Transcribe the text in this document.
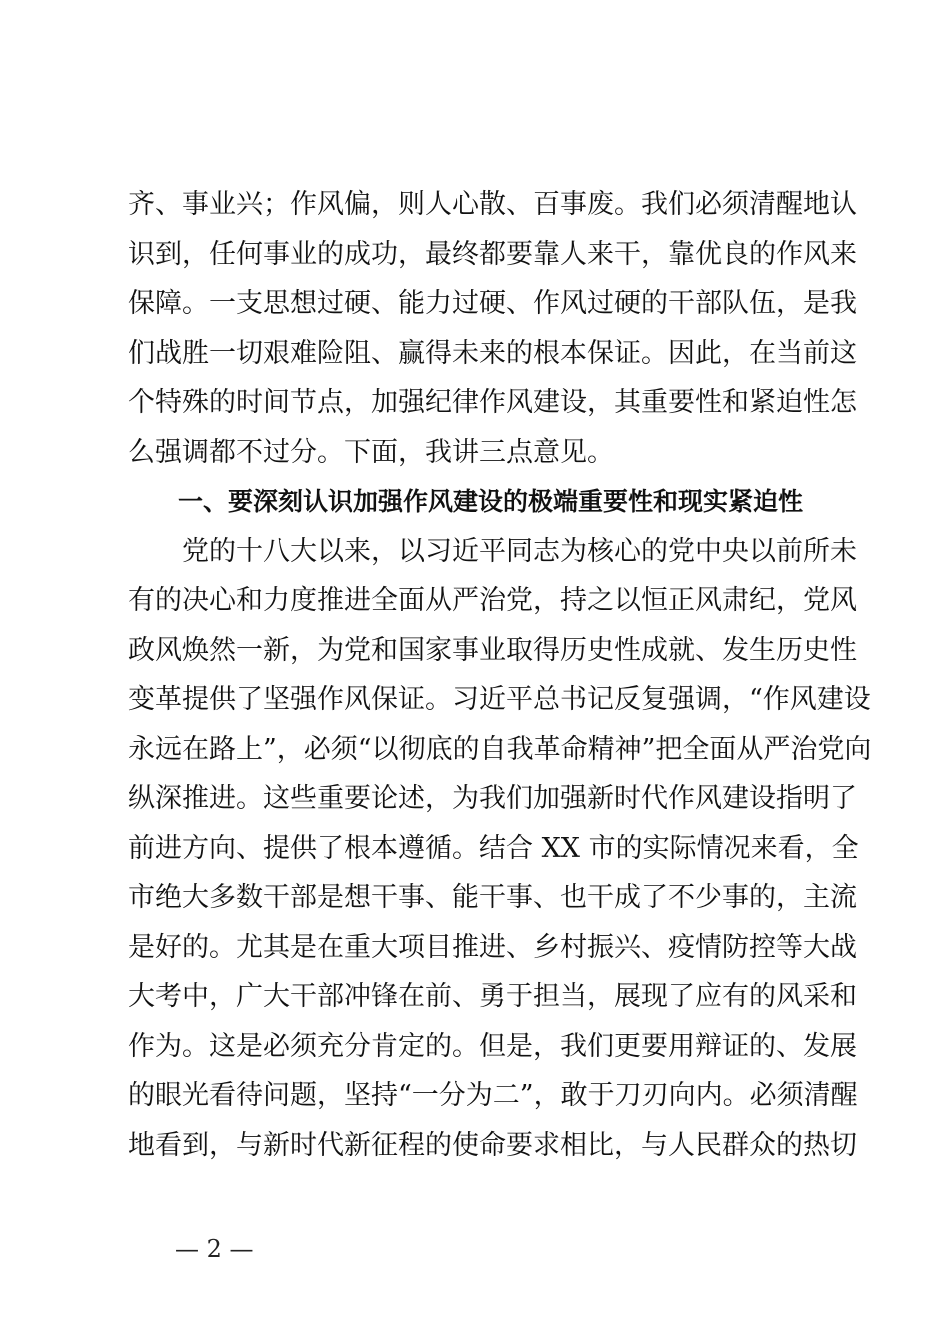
齐、事业兴；作风偏，则人心散、百事废。我们必须清醒地认
识到，任何事业的成功，最终都要靠人来干，靠优良的作风来
保障。一支思想过硬、能力过硬、作风过硬的干部队伍，是我
们战胜一切艰难险阻、赢得未来的根本保证。因此，在当前这
个特殊的时间节点，加强纪律作风建设，其重要性和紧迫性怎
么强调都不过分。下面，我讲三点意见。
一、要深刻认识加强作风建设的极端重要性和现实紧迫性
　　党的十八大以来，以习近平同志为核心的党中央以前所未
有的决心和力度推进全面从严治党，持之以恒正风肃纪，党风
政风焕然一新，为党和国家事业取得历史性成就、发生历史性
变革提供了坚强作风保证。习近平总书记反复强调，“作风建设
永远在路上”，必须“以彻底的自我革命精神”把全面从严治党向
纵深推进。这些重要论述，为我们加强新时代作风建设指明了
前进方向、提供了根本遵循。结合 XX 市的实际情况来看，全
市绝大多数干部是想干事、能干事、也干成了不少事的，主流
是好的。尤其是在重大项目推进、乡村振兴、疫情防控等大战
大考中，广大干部冲锋在前、勇于担当，展现了应有的风采和
作为。这是必须充分肯定的。但是，我们更要用辩证的、发展
的眼光看待问题，坚持“一分为二”，敢于刀刃向内。必须清醒
地看到，与新时代新征程的使命要求相比，与人民群众的热切
— 2 —
